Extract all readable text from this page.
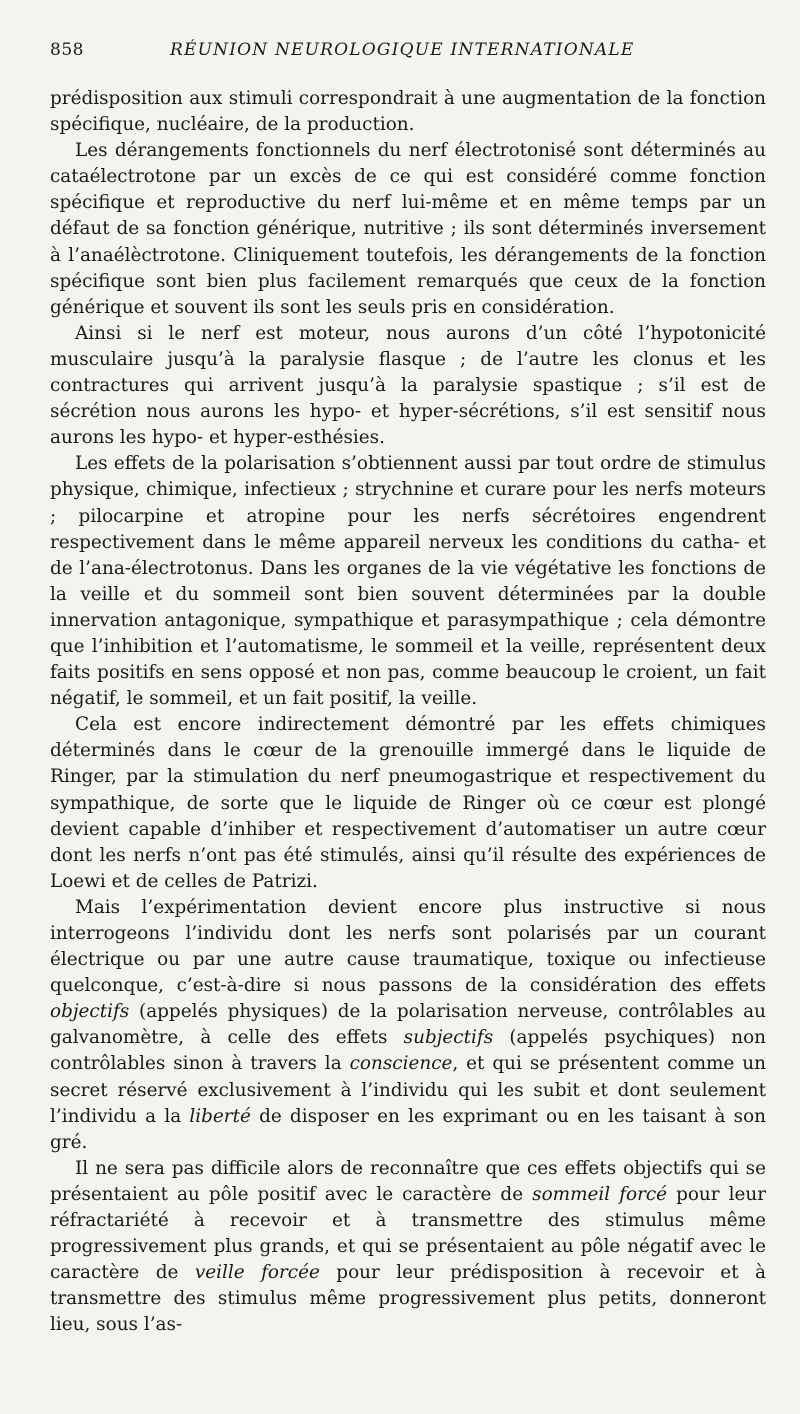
858	RÉUNION NEUROLOGIQUE INTERNATIONALE

prédisposition aux stimuli correspondrait à une augmentation de la fonction spécifique, nucléaire, de la production.

Les dérangements fonctionnels du nerf électrotonisé sont déterminés au cataélectrotone par un excès de ce qui est considéré comme fonction spécifique et reproductive du nerf lui-même et en même temps par un défaut de sa fonction générique, nutritive ; ils sont déterminés inversement à l’anaélèctrotone. Cliniquement toutefois, les dérangements de la fonction spécifique sont bien plus facilement remarqués que ceux de la fonction générique et souvent ils sont les seuls pris en considération.

Ainsi si le nerf est moteur, nous aurons d’un côté l’hypotonicité musculaire jusqu’à la paralysie flasque ; de l’autre les clonus et les contractures qui arrivent jusqu’à la paralysie spastique ; s’il est de sécrétion nous aurons les hypo- et hyper-sécrétions, s’il est sensitif nous aurons les hypo- et hyper-esthésies.

Les effets de la polarisation s’obtiennent aussi par tout ordre de stimulus physique, chimique, infectieux ; strychnine et curare pour les nerfs moteurs ; pilocarpine et atropine pour les nerfs sécrétoires engendrent respectivement dans le même appareil nerveux les conditions du catha- et de l’ana-électrotonus. Dans les organes de la vie végétative les fonctions de la veille et du sommeil sont bien souvent déterminées par la double innervation antagonique, sympathique et parasympathique ; cela démontre que l’inhibition et l’automatisme, le sommeil et la veille, représentent deux faits positifs en sens opposé et non pas, comme beaucoup le croient, un fait négatif, le sommeil, et un fait positif, la veille.

Cela est encore indirectement démontré par les effets chimiques déterminés dans le cœur de la grenouille immergé dans le liquide de Ringer, par la stimulation du nerf pneumogastrique et respectivement du sympathique, de sorte que le liquide de Ringer où ce cœur est plongé devient capable d’inhiber et respectivement d’automatiser un autre cœur dont les nerfs n’ont pas été stimulés, ainsi qu’il résulte des expériences de Loewi et de celles de Patrizi.

Mais l’expérimentation devient encore plus instructive si nous interrogeons l’individu dont les nerfs sont polarisés par un courant électrique ou par une autre cause traumatique, toxique ou infectieuse quelconque, c’est-à-dire si nous passons de la considération des effets objectifs (appelés physiques) de la polarisation nerveuse, contrôlables au galvanomètre, à celle des effets subjectifs (appelés psychiques) non contrôlables sinon à travers la conscience, et qui se présentent comme un secret réservé exclusivement à l’individu qui les subit et dont seulement l’individu a la liberté de disposer en les exprimant ou en les taisant à son gré.

Il ne sera pas difficile alors de reconnaître que ces effets objectifs qui se présentaient au pôle positif avec le caractère de sommeil forcé pour leur réfractariété à recevoir et à transmettre des stimulus même progressivement plus grands, et qui se présentaient au pôle négatif avec le caractère de veille forcée pour leur prédisposition à recevoir et à transmettre des stimulus même progressivement plus petits, donneront lieu, sous l’as-
